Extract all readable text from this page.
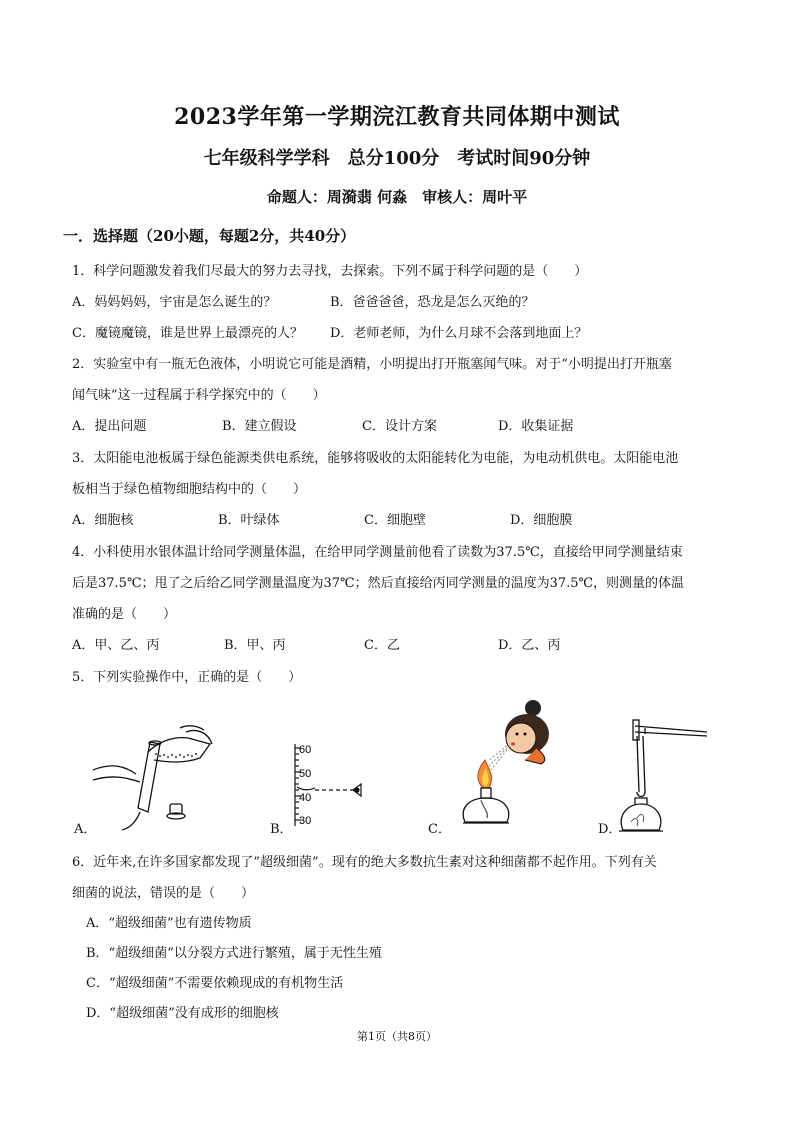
2023学年第一学期浣江教育共同体期中测试
七年级科学学科　总分100分　考试时间90分钟
命题人：周漪翡 何淼　审核人：周叶平
一．选择题（20小题，每题2分，共40分）
1．科学问题激发着我们尽最大的努力去寻找，去探索。下列不属于科学问题的是（　　）
A．妈妈妈妈，宇宙是怎么诞生的？	B．爸爸爸爸，恐龙是怎么灭绝的？
C．魔镜魔镜，谁是世界上最漂亮的人？ D．老师老师，为什么月球不会落到地面上？
2．实验室中有一瓶无色液体，小明说它可能是酒精，小明提出打开瓶塞闻气味。对于“小明提出打开瓶塞
闻气味”这一过程属于科学探究中的（　　）
A．提出问题	B．建立假设	C．设计方案	D．收集证据
3．太阳能电池板属于绿色能源类供电系统，能够将吸收的太阳能转化为电能，为电动机供电。太阳能电池
板相当于绿色植物细胞结构中的（　　）
A．细胞核	B．叶绿体	C．细胞壁	D．细胞膜
4．小科使用水银体温计给同学测量体温，在给甲同学测量前他看了读数为37.5℃，直接给甲同学测量结束
后是37.5℃；甩了之后给乙同学测量温度为37℃；然后直接给丙同学测量的温度为37.5℃，则测量的体温
准确的是（　　）
A．甲、乙、丙	B．甲、丙	C．乙	D．乙、丙
5．下列实验操作中，正确的是（　　）
A．
60
50
40
30
B．	C．	D．
6．近年来,在许多国家都发现了”超级细菌”。现有的绝大多数抗生素对这种细菌都不起作用。下列有关
细菌的说法，错误的是（　　）
A．“超级细菌”也有遗传物质
B．“超级细菌”以分裂方式进行繁殖，属于无性生殖
C．“超级细菌”不需要依赖现成的有机物生活
D．“超级细菌”没有成形的细胞核
第1页（共8页）
